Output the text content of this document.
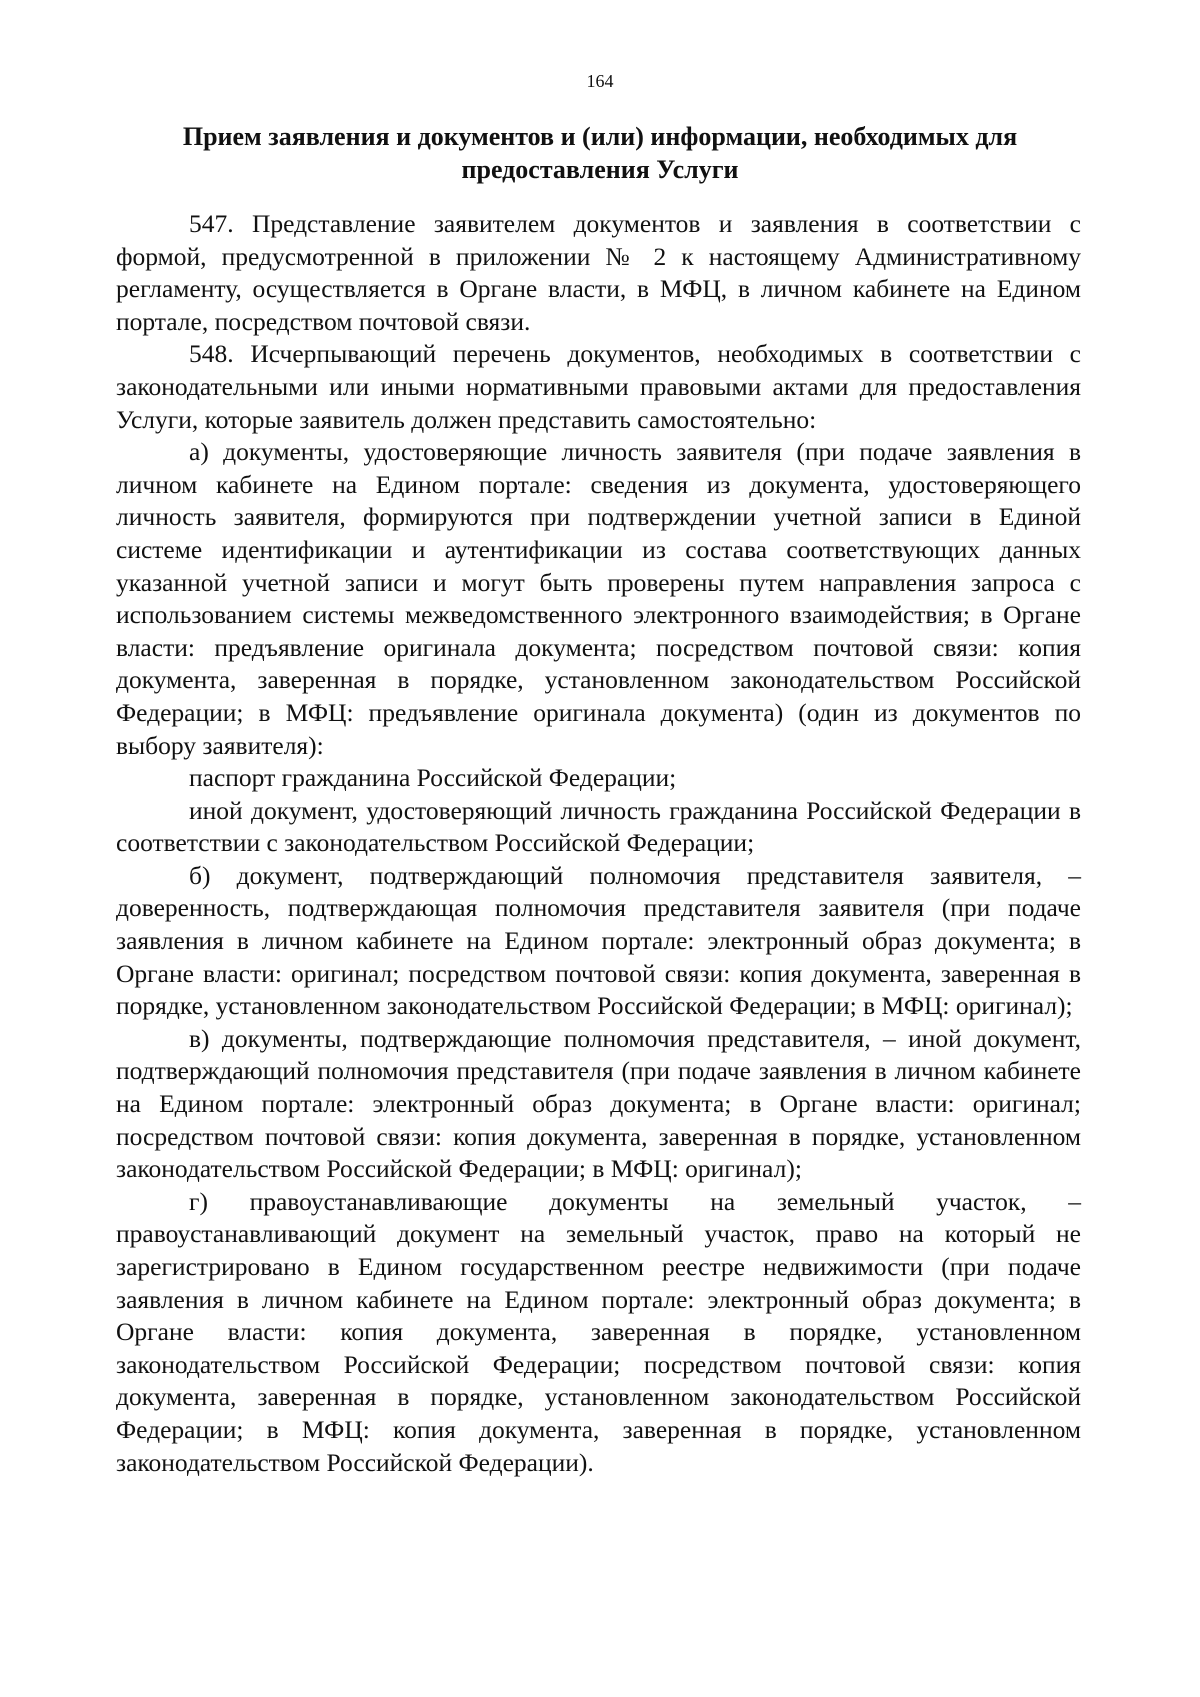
164
Прием заявления и документов и (или) информации, необходимых для предоставления Услуги

547. Представление заявителем документов и заявления в соответствии с формой, предусмотренной в приложении № 2 к настоящему Административному регламенту, осуществляется в Органе власти, в МФЦ, в личном кабинете на Едином портале, посредством почтовой связи.

548. Исчерпывающий перечень документов, необходимых в соответствии с законодательными или иными нормативными правовыми актами для предоставления Услуги, которые заявитель должен представить самостоятельно:

а) документы, удостоверяющие личность заявителя (при подаче заявления в личном кабинете на Едином портале: сведения из документа, удостоверяющего личность заявителя, формируются при подтверждении учетной записи в Единой системе идентификации и аутентификации из состава соответствующих данных указанной учетной записи и могут быть проверены путем направления запроса с использованием системы межведомственного электронного взаимодействия; в Органе власти: предъявление оригинала документа; посредством почтовой связи: копия документа, заверенная в порядке, установленном законодательством Российской Федерации; в МФЦ: предъявление оригинала документа) (один из документов по выбору заявителя):

паспорт гражданина Российской Федерации;

иной документ, удостоверяющий личность гражданина Российской Федерации в соответствии с законодательством Российской Федерации;

б) документ, подтверждающий полномочия представителя заявителя, – доверенность, подтверждающая полномочия представителя заявителя (при подаче заявления в личном кабинете на Едином портале: электронный образ документа; в Органе власти: оригинал; посредством почтовой связи: копия документа, заверенная в порядке, установленном законодательством Российской Федерации; в МФЦ: оригинал);

в) документы, подтверждающие полномочия представителя, – иной документ, подтверждающий полномочия представителя (при подаче заявления в личном кабинете на Едином портале: электронный образ документа; в Органе власти: оригинал; посредством почтовой связи: копия документа, заверенная в порядке, установленном законодательством Российской Федерации; в МФЦ: оригинал);

г) правоустанавливающие документы на земельный участок, – правоустанавливающий документ на земельный участок, право на который не зарегистрировано в Едином государственном реестре недвижимости (при подаче заявления в личном кабинете на Едином портале: электронный образ документа; в Органе власти: копия документа, заверенная в порядке, установленном законодательством Российской Федерации; посредством почтовой связи: копия документа, заверенная в порядке, установленном законодательством Российской Федерации; в МФЦ: копия документа, заверенная в порядке, установленном законодательством Российской Федерации).
